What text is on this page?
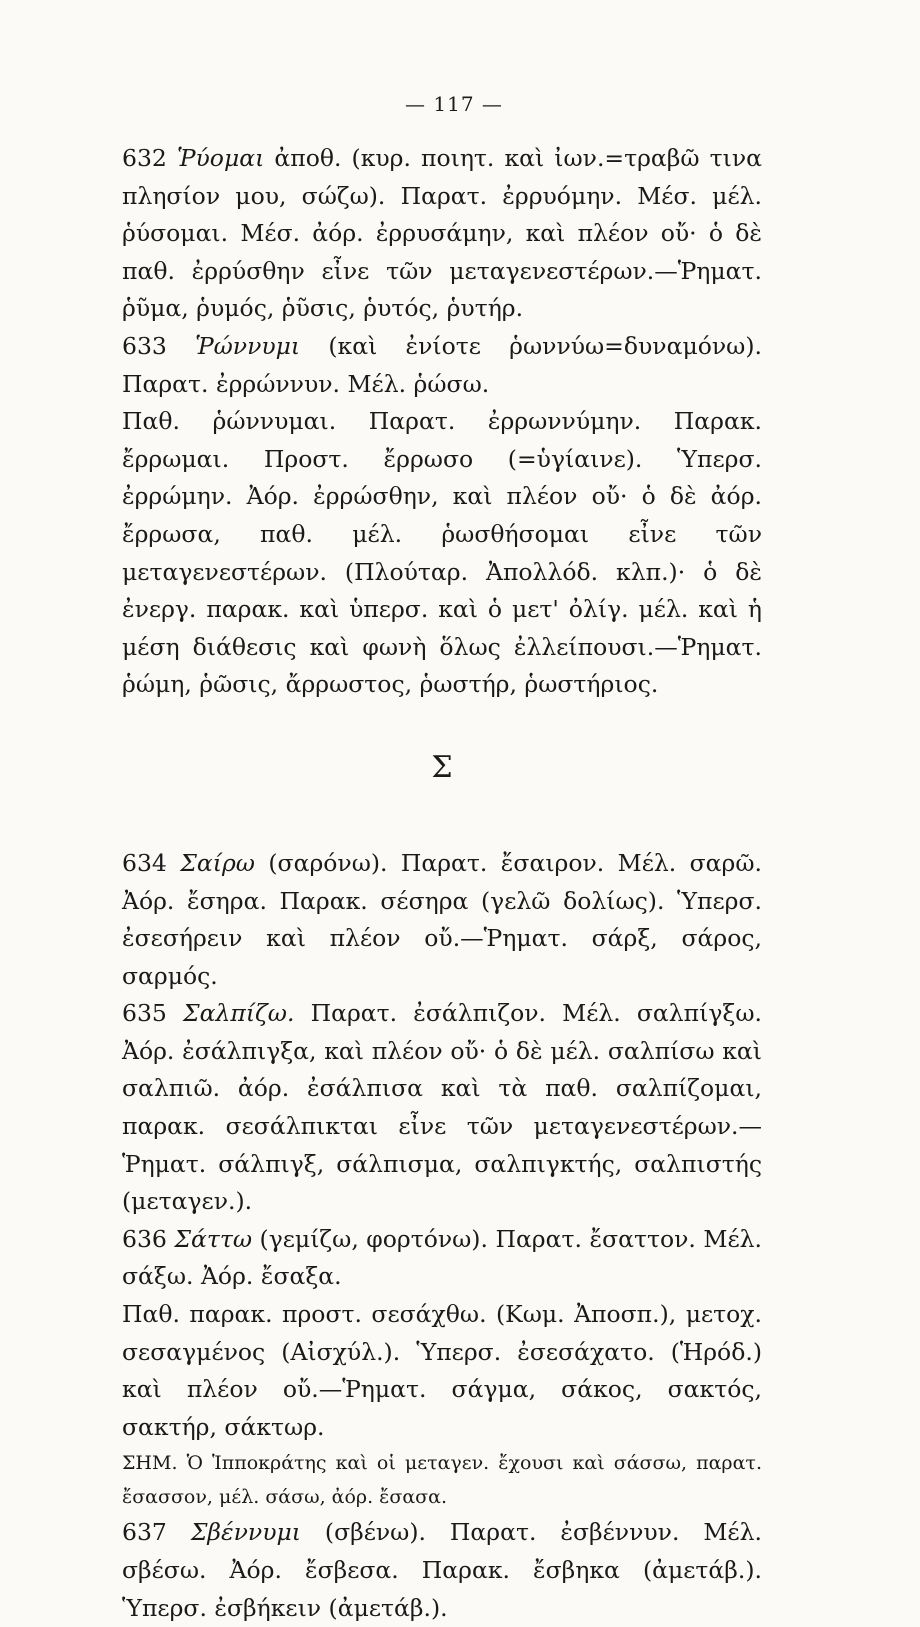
— 117 —

632 Ῥύομαι ἀποθ. (κυρ. ποιητ. καὶ ἰων.=τραβῶ τινα πλησίον μου, σώζω). Παρατ. ἐρρυόμην. Μέσ. μέλ. ῥύσομαι. Μέσ. ἀόρ. ἐρρυσάμην, καὶ πλέον οὔ· ὁ δὲ παθ. ἐρρύσθην εἶνε τῶν μεταγενεστέρων.—Ῥηματ. ῥῦμα, ῥυμός, ῥῦσις, ῥυτός, ῥυτήρ.

633 Ῥώννυμι (καὶ ἐνίοτε ῥωννύω=δυναμόνω). Παρατ. ἐρρώννυν. Μέλ. ῥώσω.

Παθ. ῥώννυμαι. Παρατ. ἐρρωννύμην. Παρακ. ἔρρωμαι. Προστ. ἔρρωσο (=ὑγίαινε). Ὑπερσ. ἐρρώμην. Ἀόρ. ἐρρώσθην, καὶ πλέον οὔ· ὁ δὲ ἀόρ. ἔρρωσα, παθ. μέλ. ῥωσθήσομαι εἶνε τῶν μεταγενεστέρων. (Πλούταρ. Ἀπολλόδ. κλπ.)· ὁ δὲ ἐνεργ. παρακ. καὶ ὑπερσ. καὶ ὁ μετ' ὀλίγ. μέλ. καὶ ἡ μέση διάθεσις καὶ φωνὴ ὅλως ἐλλείπουσι.—Ῥηματ. ῥώμη, ῥῶσις, ἄρρωστος, ῥωστήρ, ῥωστήριος.

Σ

634 Σαίρω (σαρόνω). Παρατ. ἔσαιρον. Μέλ. σαρῶ. Ἀόρ. ἔσηρα. Παρακ. σέσηρα (γελῶ δολίως). Ὑπερσ. ἐσεσήρειν καὶ πλέον οὔ.—Ῥηματ. σάρξ, σάρος, σαρμός.

635 Σαλπίζω. Παρατ. ἐσάλπιζον. Μέλ. σαλπίγξω. Ἀόρ. ἐσάλπιγξα, καὶ πλέον οὔ· ὁ δὲ μέλ. σαλπίσω καὶ σαλπιῶ. ἀόρ. ἐσάλπισα καὶ τὰ παθ. σαλπίζομαι, παρακ. σεσάλπικται εἶνε τῶν μεταγενεστέρων.—Ῥηματ. σάλπιγξ, σάλπισμα, σαλπιγκτής, σαλπιστής (μεταγεν.).

636 Σάττω (γεμίζω, φορτόνω). Παρατ. ἔσαττον. Μέλ. σάξω. Ἀόρ. ἔσαξα.

Παθ. παρακ. προστ. σεσάχθω. (Κωμ. Ἀποσπ.), μετοχ. σεσαγμένος (Αἰσχύλ.). Ὑπερσ. ἐσεσάχατο. (Ἡρόδ.) καὶ πλέον οὔ.—Ῥηματ. σάγμα, σάκος, σακτός, σακτήρ, σάκτωρ.

ΣΗΜ. Ὁ Ἱπποκράτης καὶ οἱ μεταγεν. ἔχουσι καὶ σάσσω, παρατ. ἔσασσον, μέλ. σάσω, ἀόρ. ἔσασα.

637 Σβέννυμι (σβένω). Παρατ. ἐσβέννυν. Μέλ. σβέσω. Ἀόρ. ἔσβεσα. Παρακ. ἔσβηκα (ἀμετάβ.). Ὑπερσ. ἐσβήκειν (ἀμετάβ.).
